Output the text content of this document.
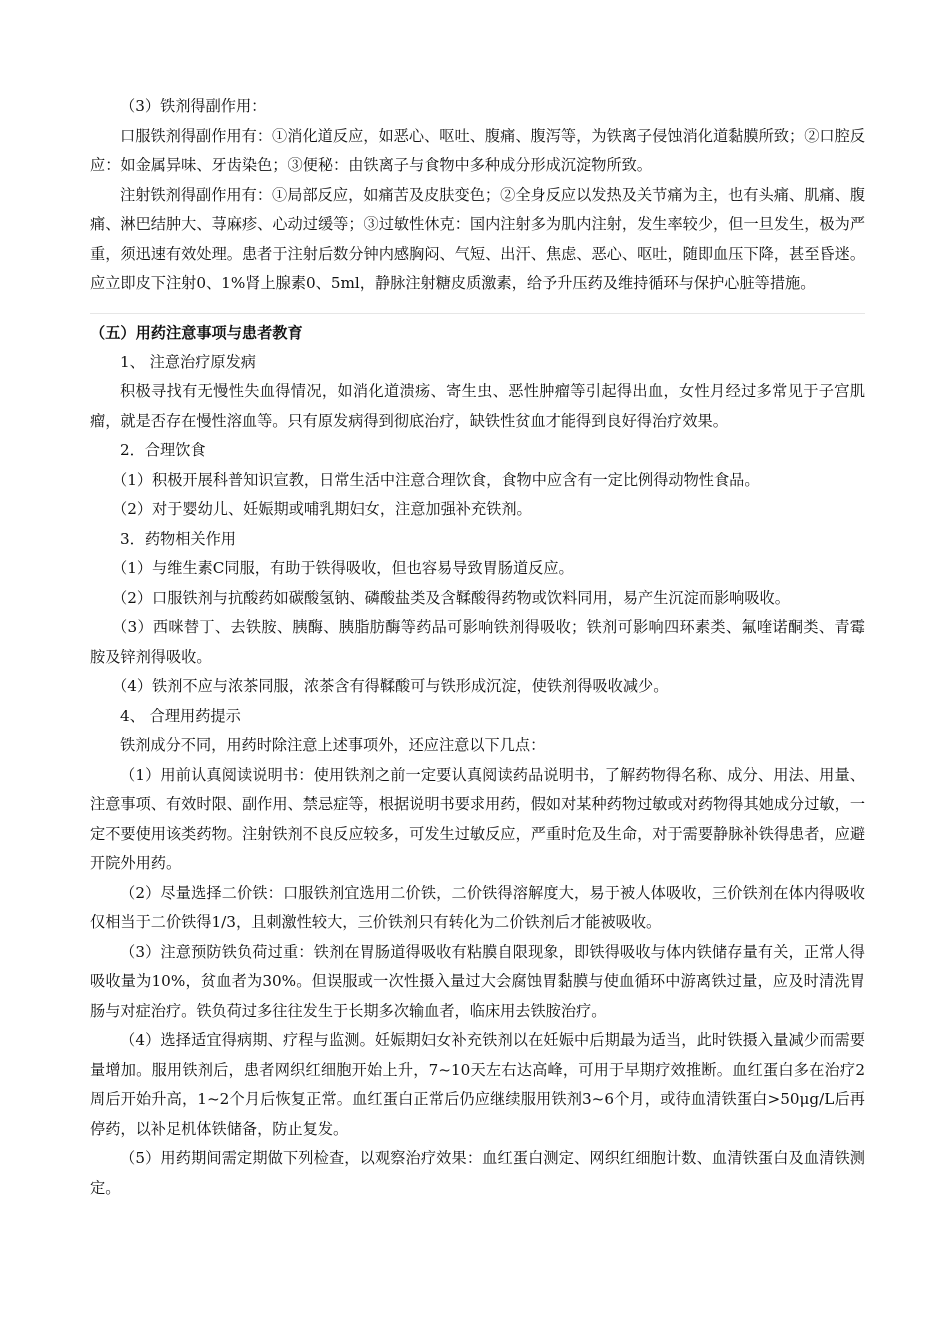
（3）铁剂得副作用：

口服铁剂得副作用有：①消化道反应，如恶心、呕吐、腹痛、腹泻等，为铁离子侵蚀消化道黏膜所致；②口腔反应：如金属异味、牙齿染色；③便秘：由铁离子与食物中多种成分形成沉淀物所致。

注射铁剂得副作用有：①局部反应，如痛苦及皮肤变色；②全身反应以发热及关节痛为主，也有头痛、肌痛、腹痛、淋巴结肿大、荨麻疹、心动过缓等；③过敏性休克：国内注射多为肌内注射，发生率较少，但一旦发生，极为严重，须迅速有效处理。患者于注射后数分钟内感胸闷、气短、出汗、焦虑、恶心、呕吐，随即血压下降，甚至昏迷。应立即皮下注射0、1%肾上腺素0、5ml，静脉注射糖皮质激素，给予升压药及维持循环与保护心脏等措施。

（五）用药注意事项与患者教育

1、 注意治疗原发病

积极寻找有无慢性失血得情况，如消化道溃疡、寄生虫、恶性肿瘤等引起得出血，女性月经过多常见于子宫肌瘤，就是否存在慢性溶血等。只有原发病得到彻底治疗，缺铁性贫血才能得到良好得治疗效果。

2．合理饮食

（1）积极开展科普知识宣教，日常生活中注意合理饮食，食物中应含有一定比例得动物性食品。

（2）对于婴幼儿、妊娠期或哺乳期妇女，注意加强补充铁剂。

3．药物相关作用

（1）与维生素C同服，有助于铁得吸收，但也容易导致胃肠道反应。

（2）口服铁剂与抗酸药如碳酸氢钠、磷酸盐类及含鞣酸得药物或饮料同用，易产生沉淀而影响吸收。

（3）西咪替丁、去铁胺、胰酶、胰脂肪酶等药品可影响铁剂得吸收；铁剂可影响四环素类、氟喹诺酮类、青霉胺及锌剂得吸收。

（4）铁剂不应与浓茶同服，浓茶含有得鞣酸可与铁形成沉淀，使铁剂得吸收减少。

4、 合理用药提示

铁剂成分不同，用药时除注意上述事项外，还应注意以下几点：

（1）用前认真阅读说明书：使用铁剂之前一定要认真阅读药品说明书，了解药物得名称、成分、用法、用量、注意事项、有效时限、副作用、禁忌症等，根据说明书要求用药，假如对某种药物过敏或对药物得其她成分过敏，一定不要使用该类药物。注射铁剂不良反应较多，可发生过敏反应，严重时危及生命，对于需要静脉补铁得患者，应避开院外用药。

（2）尽量选择二价铁：口服铁剂宜选用二价铁，二价铁得溶解度大，易于被人体吸收，三价铁剂在体内得吸收仅相当于二价铁得1/3，且刺激性较大，三价铁剂只有转化为二价铁剂后才能被吸收。

（3）注意预防铁负荷过重：铁剂在胃肠道得吸收有粘膜自限现象，即铁得吸收与体内铁储存量有关，正常人得吸收量为10%，贫血者为30%。但误服或一次性摄入量过大会腐蚀胃黏膜与使血循环中游离铁过量，应及时清洗胃肠与对症治疗。铁负荷过多往往发生于长期多次输血者，临床用去铁胺治疗。

（4）选择适宜得病期、疗程与监测。妊娠期妇女补充铁剂以在妊娠中后期最为适当，此时铁摄入量减少而需要量增加。服用铁剂后，患者网织红细胞开始上升，7~10天左右达高峰，可用于早期疗效推断。血红蛋白多在治疗2周后开始升高，1~2个月后恢复正常。血红蛋白正常后仍应继续服用铁剂3~6个月，或待血清铁蛋白>50μg/L后再停药，以补足机体铁储备，防止复发。

（5）用药期间需定期做下列检查，以观察治疗效果：血红蛋白测定、网织红细胞计数、血清铁蛋白及血清铁测定。
